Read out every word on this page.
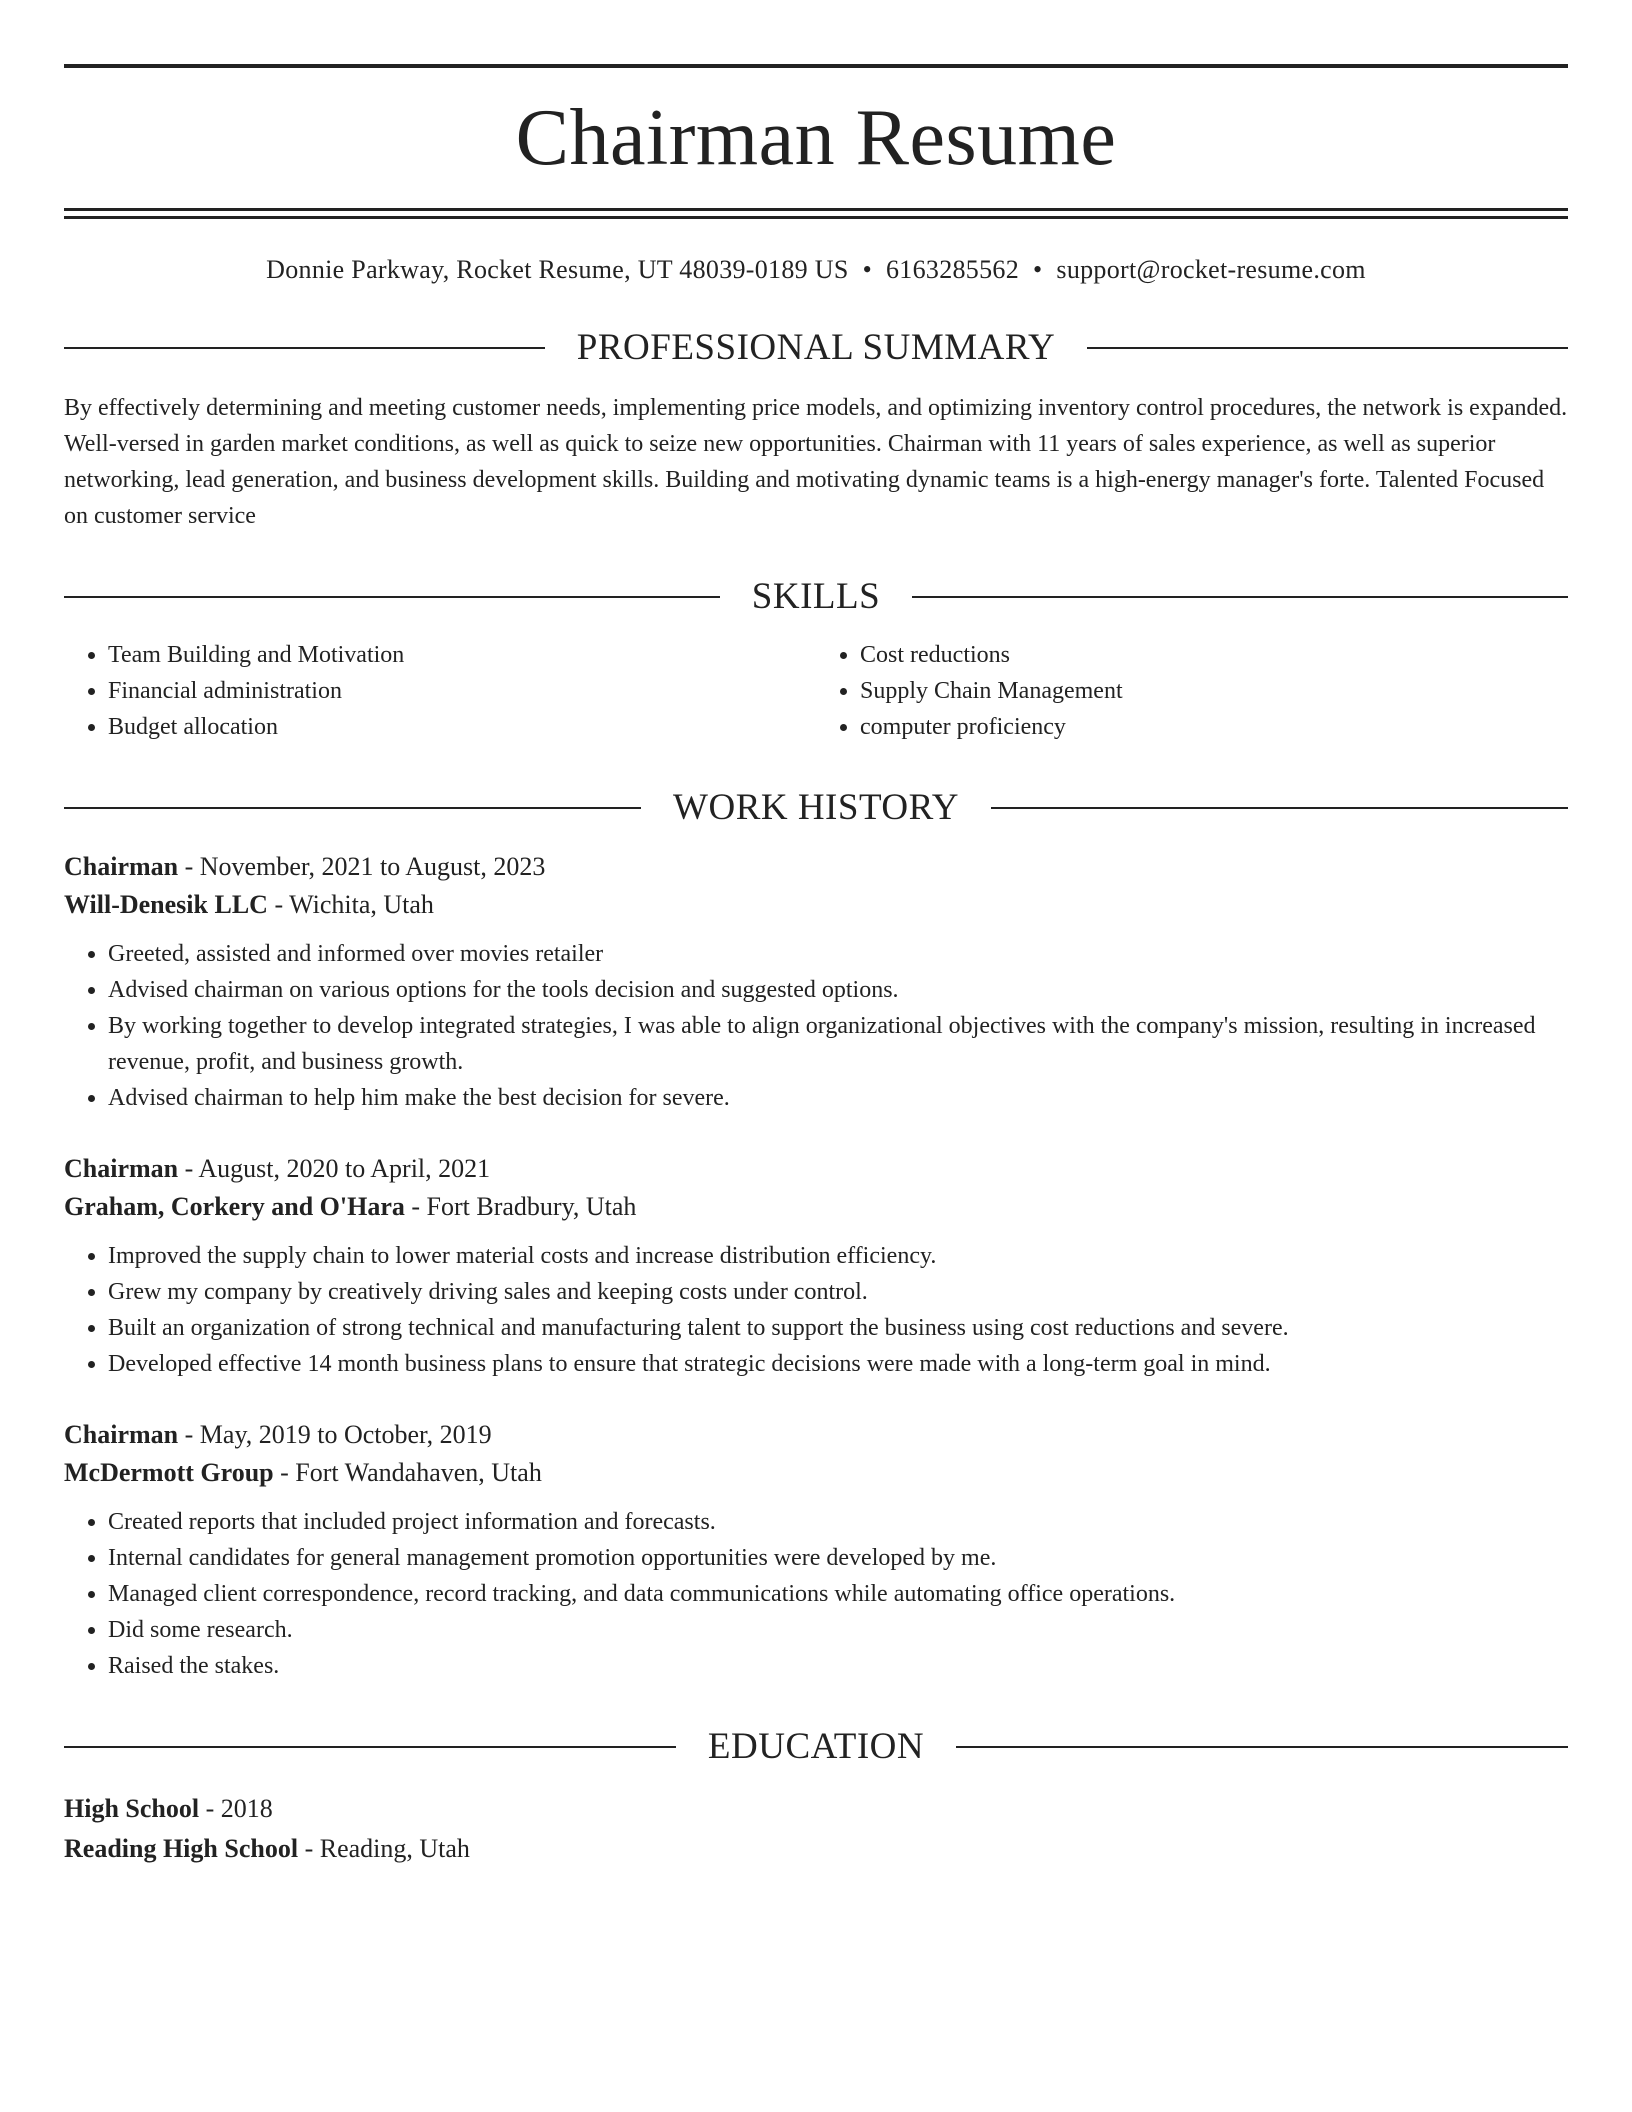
Chairman Resume
Donnie Parkway, Rocket Resume, UT 48039-0189 US • 6163285562 • support@rocket-resume.com
PROFESSIONAL SUMMARY
By effectively determining and meeting customer needs, implementing price models, and optimizing inventory control procedures, the network is expanded. Well-versed in garden market conditions, as well as quick to seize new opportunities. Chairman with 11 years of sales experience, as well as superior networking, lead generation, and business development skills. Building and motivating dynamic teams is a high-energy manager's forte. Talented Focused on customer service
SKILLS
• Team Building and Motivation
• Financial administration
• Budget allocation
• Cost reductions
• Supply Chain Management
• computer proficiency
WORK HISTORY
Chairman - November, 2021 to August, 2023
Will-Denesik LLC - Wichita, Utah
• Greeted, assisted and informed over movies retailer
• Advised chairman on various options for the tools decision and suggested options.
• By working together to develop integrated strategies, I was able to align organizational objectives with the company's mission, resulting in increased revenue, profit, and business growth.
• Advised chairman to help him make the best decision for severe.
Chairman - August, 2020 to April, 2021
Graham, Corkery and O'Hara - Fort Bradbury, Utah
• Improved the supply chain to lower material costs and increase distribution efficiency.
• Grew my company by creatively driving sales and keeping costs under control.
• Built an organization of strong technical and manufacturing talent to support the business using cost reductions and severe.
• Developed effective 14 month business plans to ensure that strategic decisions were made with a long-term goal in mind.
Chairman - May, 2019 to October, 2019
McDermott Group - Fort Wandahaven, Utah
• Created reports that included project information and forecasts.
• Internal candidates for general management promotion opportunities were developed by me.
• Managed client correspondence, record tracking, and data communications while automating office operations.
• Did some research.
• Raised the stakes.
EDUCATION
High School - 2018
Reading High School - Reading, Utah
